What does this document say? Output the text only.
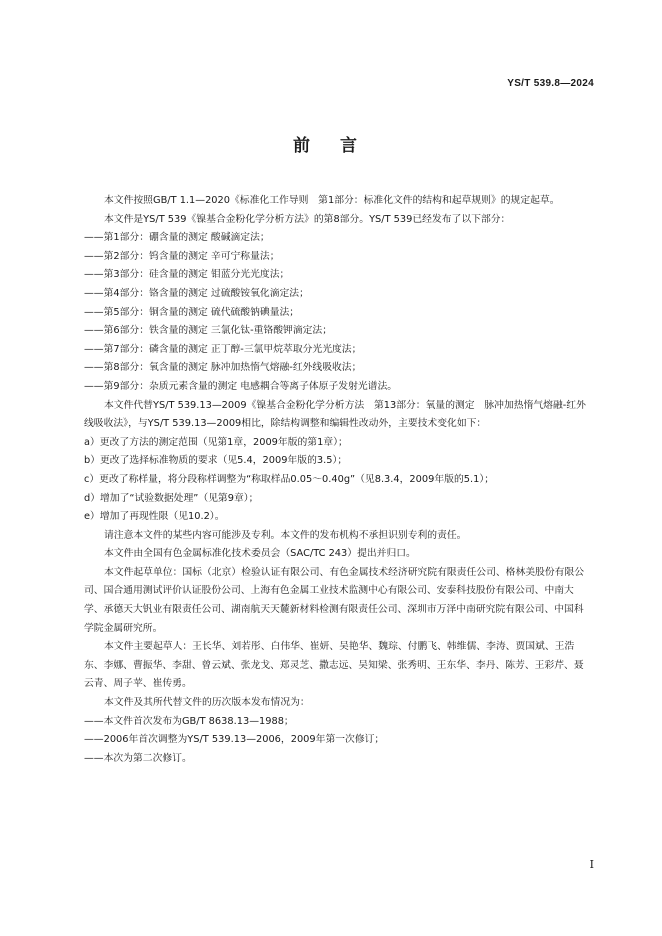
YS/T 539.8—2024
前 言

本文件按照GB/T 1.1—2020《标准化工作导则　第1部分：标准化文件的结构和起草规则》的规定起草。

本文件是YS/T 539《镍基合金粉化学分析方法》的第8部分。YS/T 539已经发布了以下部分：

——第1部分：硼含量的测定 酸碱滴定法；

——第2部分：钨含量的测定 辛可宁称量法；

——第3部分：硅含量的测定 钼蓝分光光度法；

——第4部分：铬含量的测定 过硫酸铵氧化滴定法；

——第5部分：铜含量的测定 硫代硫酸钠碘量法；

——第6部分：铁含量的测定 三氯化钛-重铬酸钾滴定法；

——第7部分：磷含量的测定 正丁醇-三氯甲烷萃取分光光度法；

——第8部分：氧含量的测定 脉冲加热惰气熔融-红外线吸收法；

——第9部分：杂质元素含量的测定 电感耦合等离子体原子发射光谱法。

本文件代替YS/T 539.13—2009《镍基合金粉化学分析方法　第13部分：氧量的测定　脉冲加热惰气熔融-红外线吸收法》，与YS/T 539.13—2009相比，除结构调整和编辑性改动外，主要技术变化如下：

a）更改了方法的测定范围（见第1章，2009年版的第1章）；

b）更改了选择标准物质的要求（见5.4，2009年版的3.5）；

c）更改了称样量，将分段称样调整为“称取样品0.05～0.40g”（见8.3.4，2009年版的5.1）；

d）增加了“试验数据处理”（见第9章）；

e）增加了再现性限（见10.2）。

请注意本文件的某些内容可能涉及专利。本文件的发布机构不承担识别专利的责任。

本文件由全国有色金属标准化技术委员会（SAC/TC 243）提出并归口。

本文件起草单位：国标（北京）检验认证有限公司、有色金属技术经济研究院有限责任公司、格林美股份有限公司、国合通用测试评价认证股份公司、上海有色金属工业技术监测中心有限公司、安泰科技股份有限公司、中南大学、承德天大钒业有限责任公司、湖南航天天麓新材料检测有限责任公司、深圳市万泽中南研究院有限公司、中国科学院金属研究所。

本文件主要起草人：王长华、刘若彤、白伟华、崔妍、吴艳华、魏琮、付鹏飞、韩维儒、李涛、贾国斌、王浩东、李娜、曹振华、李甜、曾云斌、张龙戈、郑灵芝、撒志远、吴知梁、张秀明、王东华、李丹、陈芳、王彩芹、聂云青、周子苹、崔传勇。

本文件及其所代替文件的历次版本发布情况为：

——本文件首次发布为GB/T 8638.13—1988；

——2006年首次调整为YS/T 539.13—2006，2009年第一次修订；

——本次为第二次修订。

I
